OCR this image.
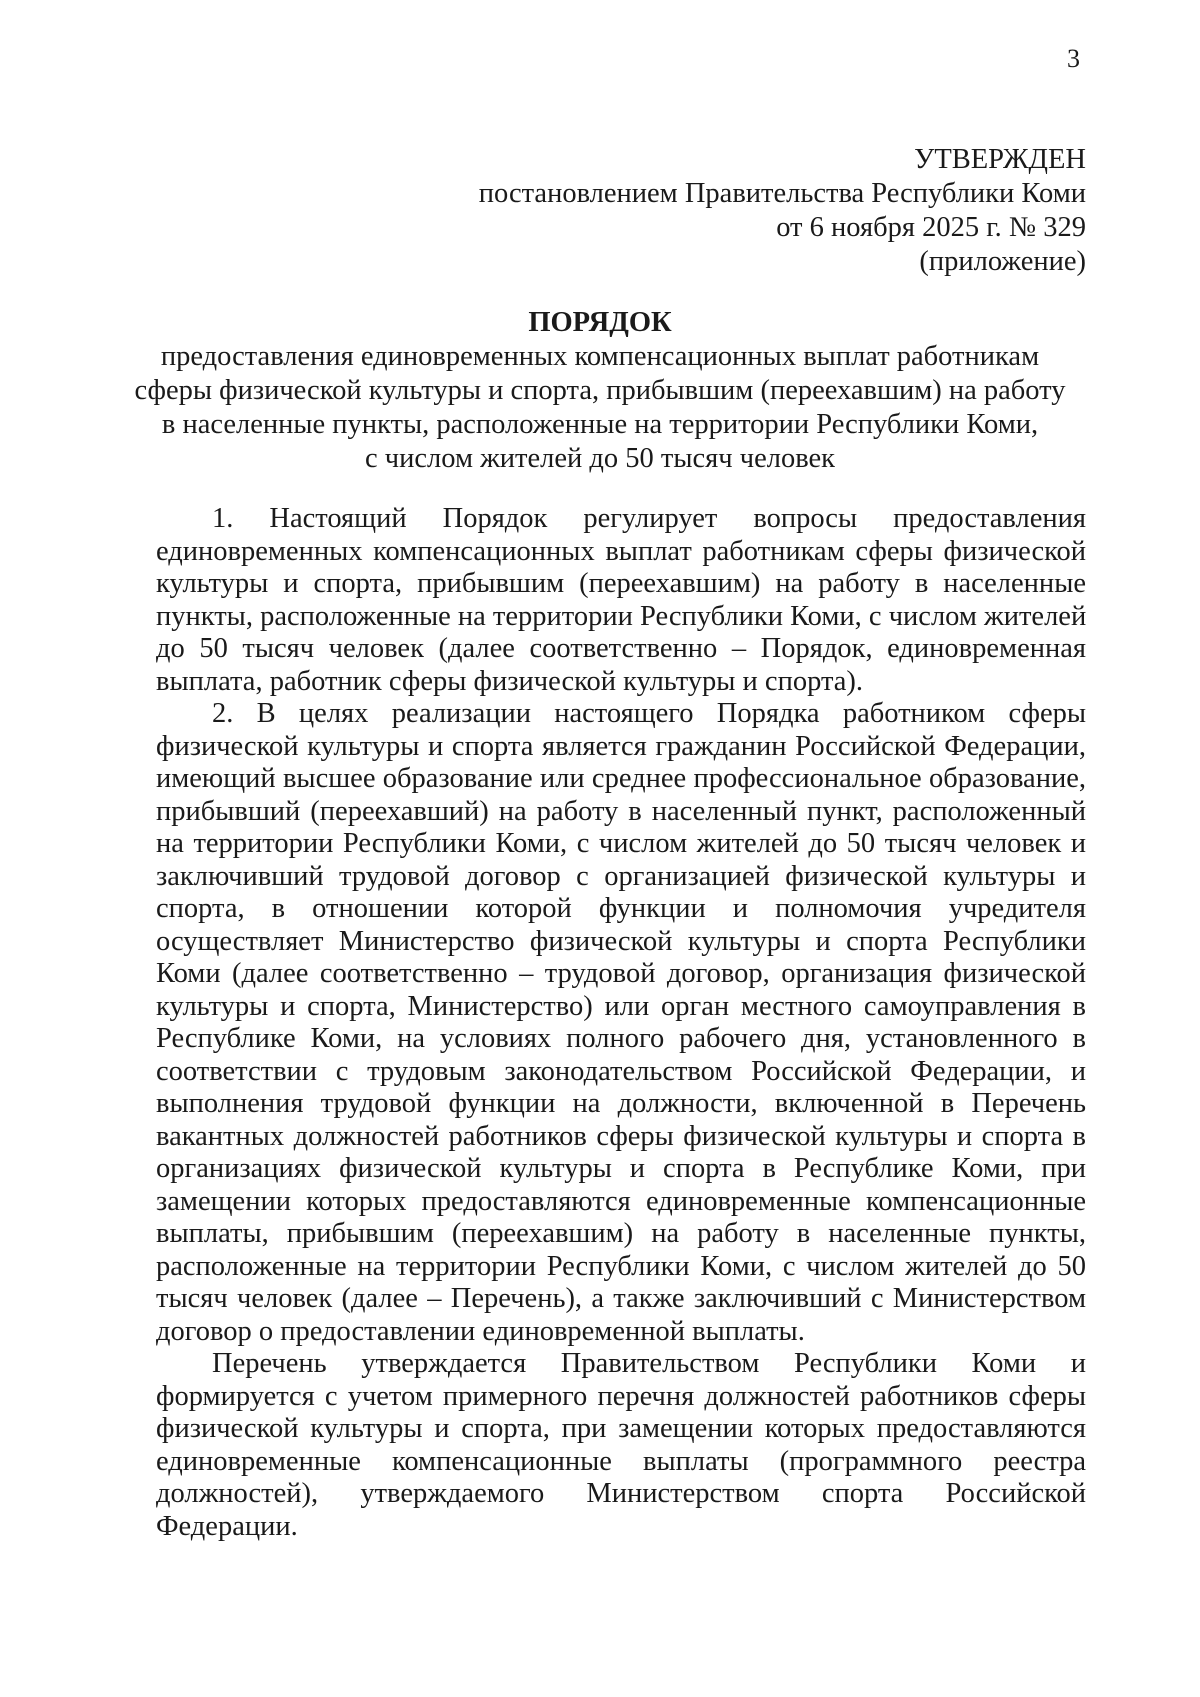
3
УТВЕРЖДЕН
постановлением Правительства Республики Коми
от 6 ноября 2025 г. № 329
(приложение)
ПОРЯДОК
предоставления единовременных компенсационных выплат работникам
сферы физической культуры и спорта, прибывшим (переехавшим) на работу
в населенные пункты, расположенные на территории Республики Коми,
с числом жителей до 50 тысяч человек

1. Настоящий Порядок регулирует вопросы предоставления
единовременных компенсационных выплат работникам сферы физической
культуры и спорта, прибывшим (переехавшим) на работу в населенные
пункты, расположенные на территории Республики Коми, с числом жителей
до 50 тысяч человек (далее соответственно – Порядок, единовременная
выплата, работник сферы физической культуры и спорта).

2. В целях реализации настоящего Порядка работником сферы
физической культуры и спорта является гражданин Российской Федерации,
имеющий высшее образование или среднее профессиональное образование,
прибывший (переехавший) на работу в населенный пункт, расположенный
на территории Республики Коми, с числом жителей до 50 тысяч человек и
заключивший трудовой договор с организацией физической культуры и
спорта, в отношении которой функции и полномочия учредителя
осуществляет Министерство физической культуры и спорта Республики
Коми (далее соответственно – трудовой договор, организация физической
культуры и спорта, Министерство) или орган местного самоуправления в
Республике Коми, на условиях полного рабочего дня, установленного в
соответствии с трудовым законодательством Российской Федерации, и
выполнения трудовой функции на должности, включенной в Перечень
вакантных должностей работников сферы физической культуры и спорта в
организациях физической культуры и спорта в Республике Коми, при
замещении которых предоставляются единовременные компенсационные
выплаты, прибывшим (переехавшим) на работу в населенные пункты,
расположенные на территории Республики Коми, с числом жителей до 50
тысяч человек (далее – Перечень), а также заключивший с Министерством
договор о предоставлении единовременной выплаты.

Перечень утверждается Правительством Республики Коми и
формируется с учетом примерного перечня должностей работников сферы
физической культуры и спорта, при замещении которых предоставляются
единовременные компенсационные выплаты (программного реестра
должностей), утверждаемого Министерством спорта Российской
Федерации.
